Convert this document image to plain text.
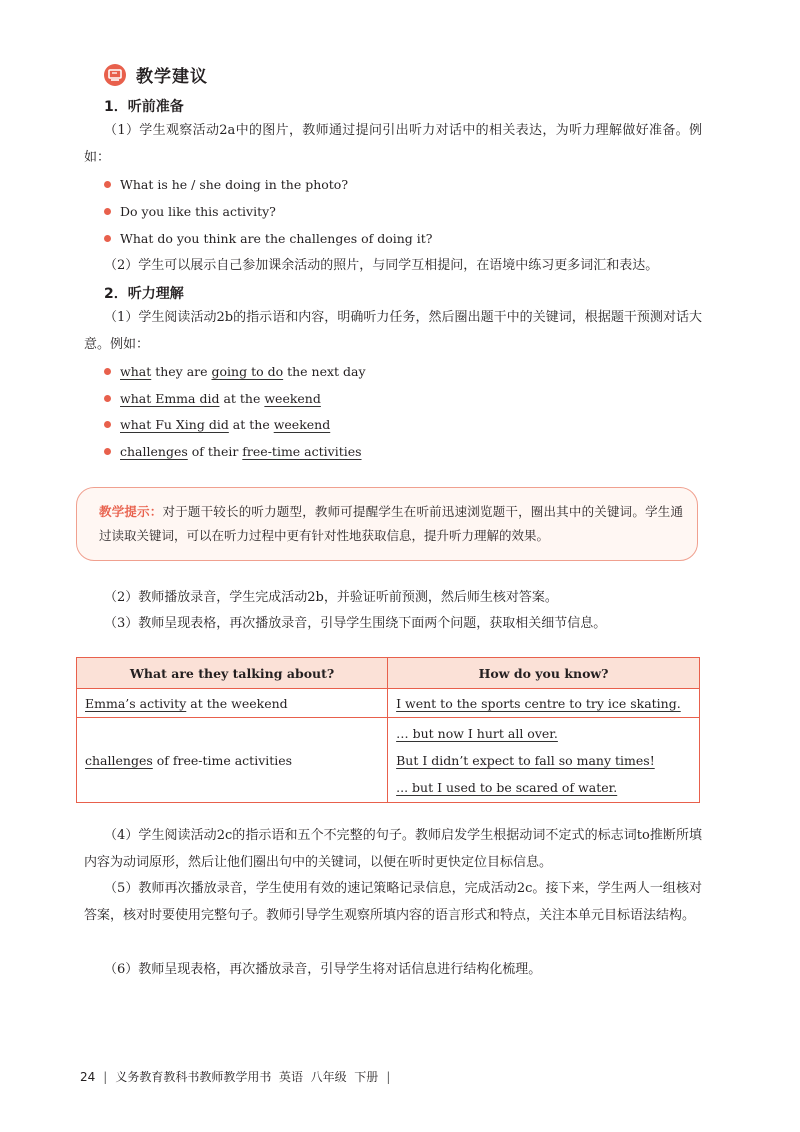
教学建议
1．听前准备
（1）学生观察活动2a中的图片，教师通过提问引出听力对话中的相关表达，为听力理解做好准备。例如：
What is he / she doing in the photo?
Do you like this activity?
What do you think are the challenges of doing it?
（2）学生可以展示自己参加课余活动的照片，与同学互相提问，在语境中练习更多词汇和表达。
2．听力理解
（1）学生阅读活动2b的指示语和内容，明确听力任务，然后圈出题干中的关键词，根据题干预测对话大意。例如：
what they are going to do the next day
what Emma did at the weekend
what Fu Xing did at the weekend
challenges of their free-time activities
教学提示：对于题干较长的听力题型，教师可提醒学生在听前迅速浏览题干，圈出其中的关键词。学生通过读取关键词，可以在听力过程中更有针对性地获取信息，提升听力理解的效果。
（2）教师播放录音，学生完成活动2b，并验证听前预测，然后师生核对答案。
（3）教师呈现表格，再次播放录音，引导学生围绕下面两个问题，获取相关细节信息。
What are they talking about?	How do you know?
Emma’s activity at the weekend	I went to the sports centre to try ice skating.
challenges of free-time activities	… but now I hurt all over.
But I didn’t expect to fall so many times!
... but I used to be scared of water.
（4）学生阅读活动2c的指示语和五个不完整的句子。教师启发学生根据动词不定式的标志词to推断所填内容为动词原形，然后让他们圈出句中的关键词，以便在听时更快定位目标信息。
（5）教师再次播放录音，学生使用有效的速记策略记录信息，完成活动2c。接下来，学生两人一组核对答案，核对时要使用完整句子。教师引导学生观察所填内容的语言形式和特点，关注本单元目标语法结构。
（6）教师呈现表格，再次播放录音，引导学生将对话信息进行结构化梳理。
24 | 义务教育教科书教师教学用书 英语 八年级 下册 |
